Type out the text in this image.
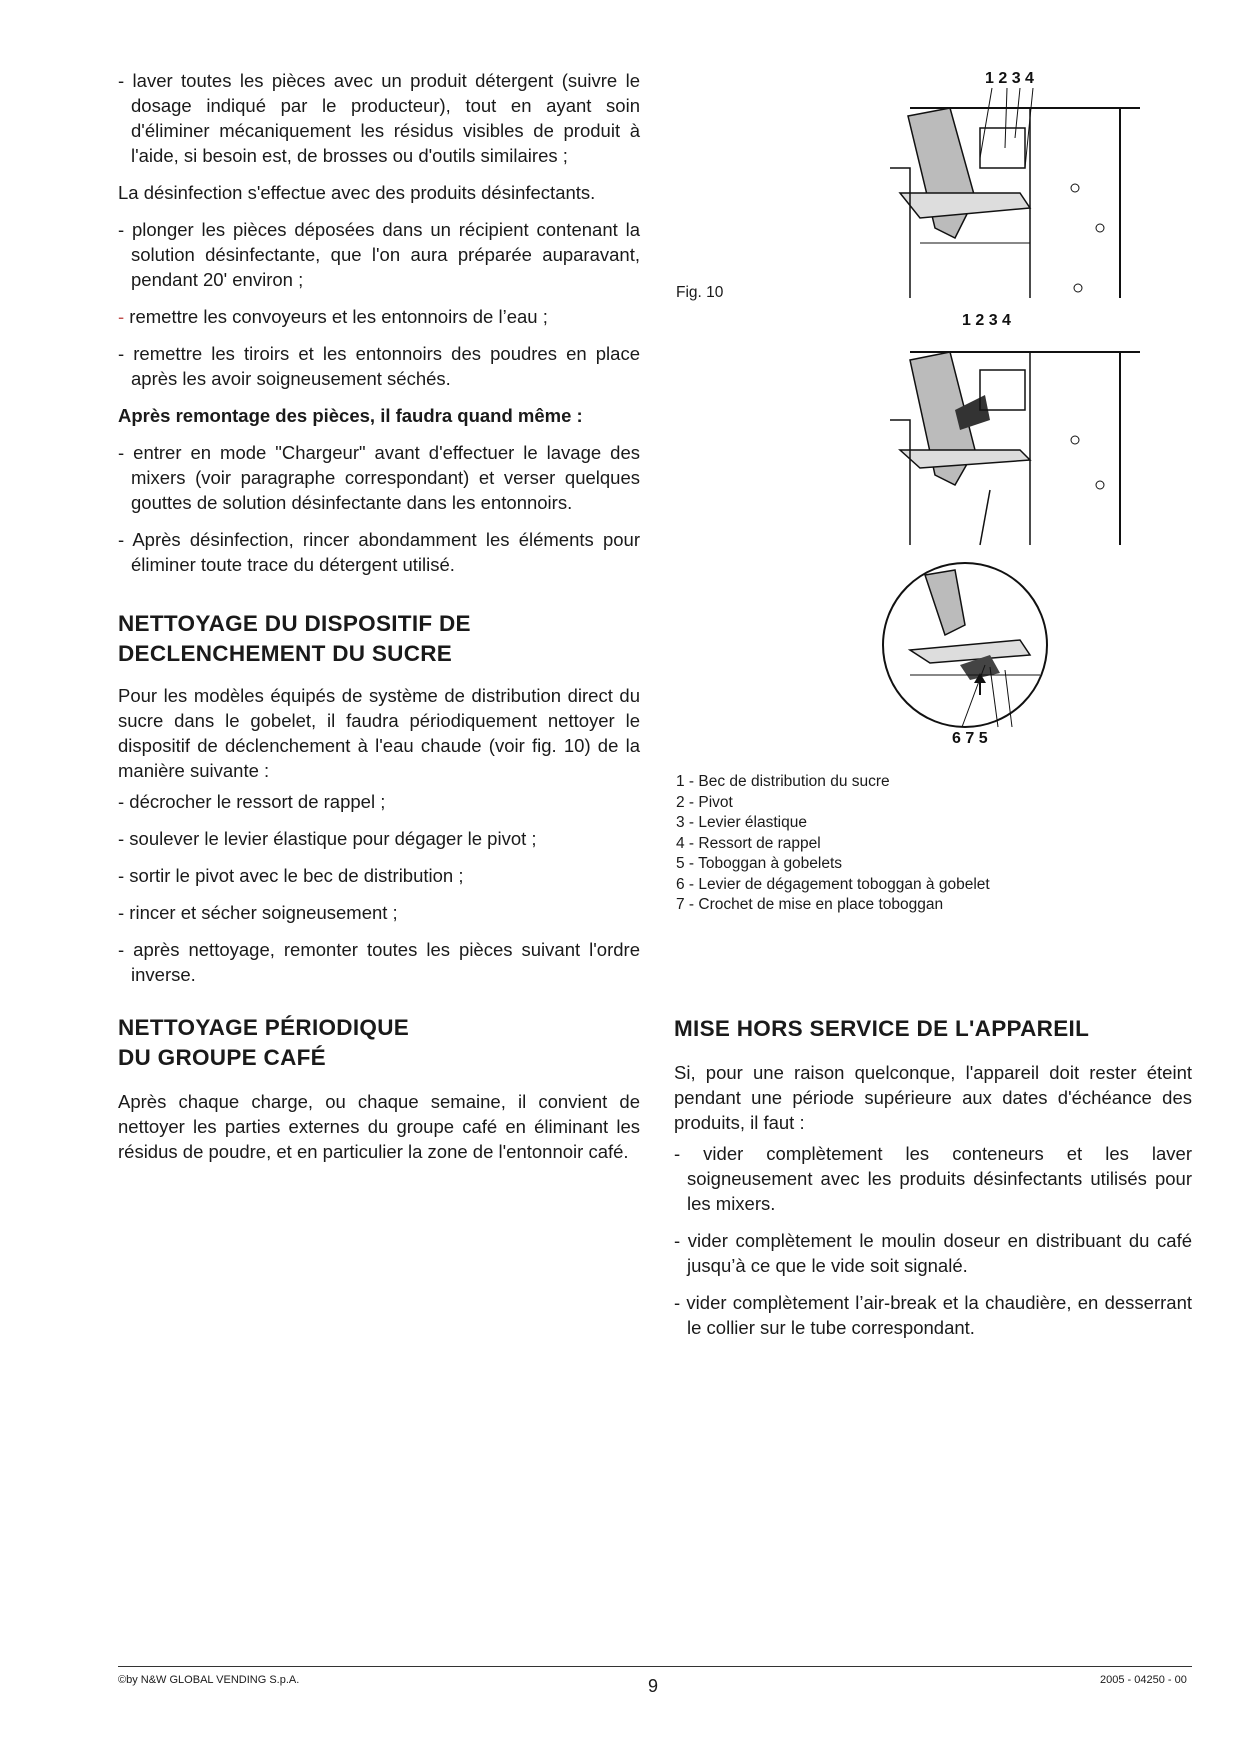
- laver toutes les pièces avec un produit détergent (suivre le dosage indiqué par le producteur), tout en ayant soin d'éliminer mécaniquement les résidus visibles de produit à l'aide, si besoin est, de brosses ou d'outils similaires ;

La désinfection s'effectue avec des produits désinfectants.

- plonger les pièces déposées dans un récipient contenant la solution désinfectante, que l'on aura préparée auparavant, pendant 20' environ ;

- remettre les convoyeurs et les entonnoirs de l’eau ;

- remettre les tiroirs et les entonnoirs des poudres en place après les avoir soigneusement séchés.

Après remontage des pièces, il faudra quand même :

- entrer en mode "Chargeur" avant d'effectuer le lavage des mixers (voir paragraphe correspondant) et verser quelques gouttes de solution désinfectante dans les entonnoirs.

- Après désinfection, rincer abondamment les éléments pour éliminer toute trace du détergent utilisé.

NETTOYAGE DU DISPOSITIF DE
DECLENCHEMENT DU SUCRE

Pour les modèles équipés de système de distribution direct du sucre dans le gobelet, il faudra périodiquement nettoyer le dispositif de déclenchement à l'eau chaude (voir fig. 10) de la manière suivante :

- décrocher le ressort de rappel ;

- soulever le levier élastique pour dégager le pivot ;

- sortir le pivot avec le bec de distribution ;

- rincer et sécher soigneusement ;

- après nettoyage, remonter toutes les pièces suivant l'ordre inverse.

NETTOYAGE PÉRIODIQUE
DU GROUPE CAFÉ

Après chaque charge, ou chaque semaine, il convient de nettoyer les parties externes du groupe café en éliminant les résidus de poudre, et en particulier la zone de l'entonnoir café.

Fig. 10
1 2 3 4
1 2 3 4
6 7 5
1 - Bec de distribution du sucre
2 - Pivot
3 - Levier élastique
4 - Ressort de rappel
5 - Toboggan à gobelets
6 - Levier de dégagement toboggan à gobelet
7 - Crochet de mise en place toboggan
MISE HORS SERVICE DE L'APPAREIL

Si, pour une raison quelconque, l'appareil doit rester éteint pendant une période supérieure aux dates d'échéance des produits, il faut :

- vider complètement les conteneurs et les laver soigneusement avec les produits désinfectants utilisés pour les mixers.

- vider complètement le moulin doseur en distribuant du café jusqu’à ce que le vide soit signalé.

- vider complètement l’air-break et la chaudière, en desserrant le collier sur le tube correspondant.

©by N&W GLOBAL VENDING S.p.A.	9	2005 - 04250 - 00
